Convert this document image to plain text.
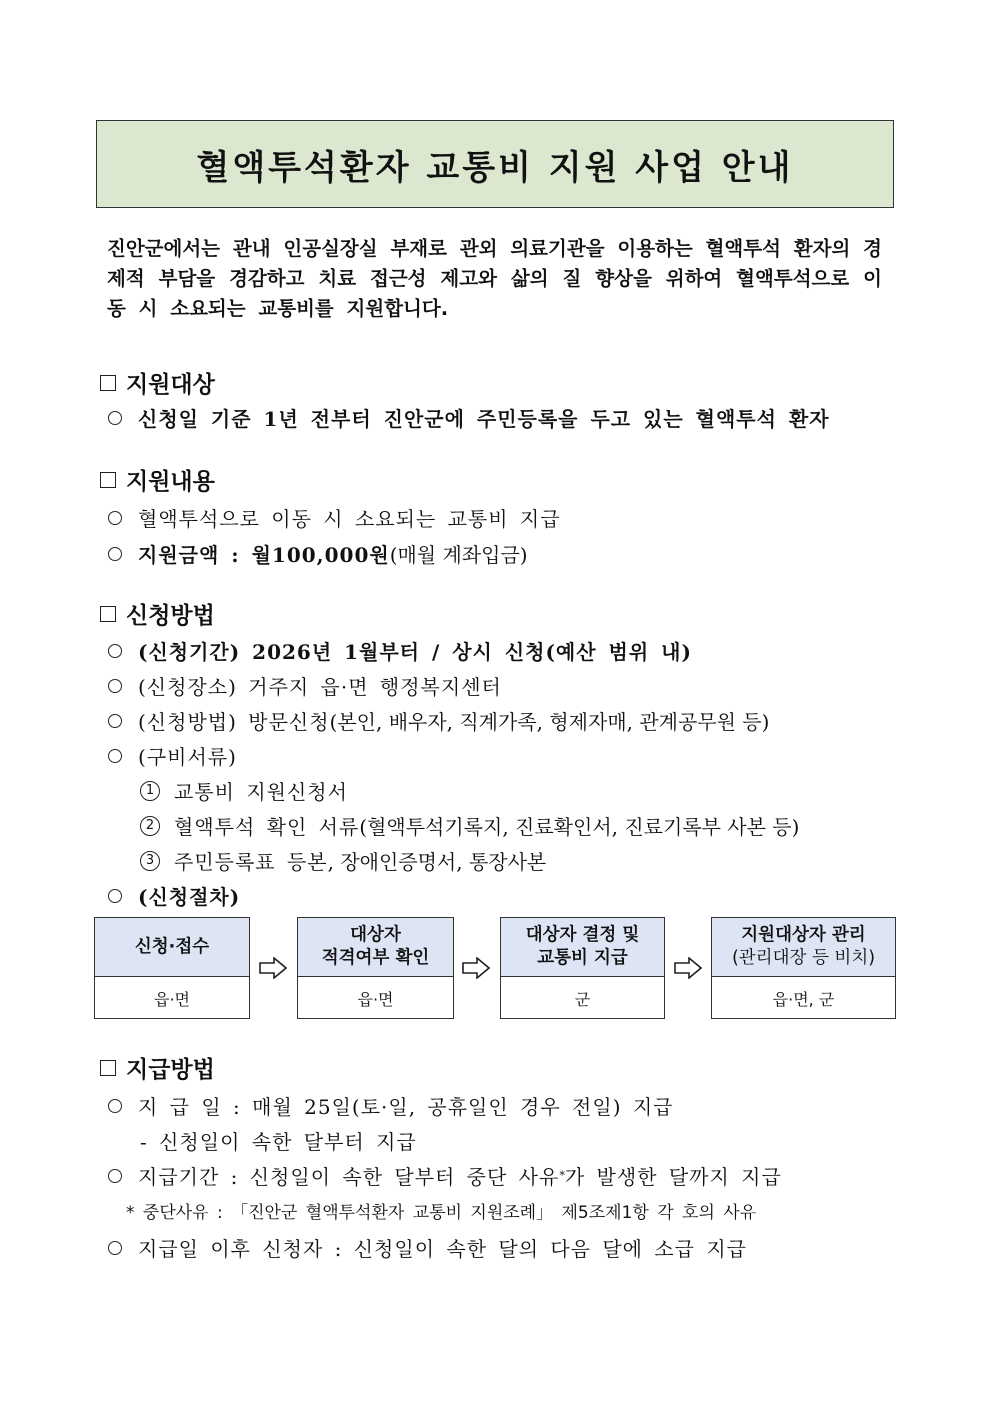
혈액투석환자 교통비 지원 사업 안내
진안군에서는 관내 인공실장실 부재로 관외 의료기관을 이용하는 혈액투석 환자의 경제적 부담을 경감하고 치료 접근성 제고와 삶의 질 향상을 위하여 혈액투석으로 이동 시 소요되는 교통비를 지원합니다.
지원대상
신청일 기준 1년 전부터 진안군에 주민등록을 두고 있는 혈액투석 환자
지원내용
혈액투석으로 이동 시 소요되는 교통비 지급
지원금액 : 월100,000원 (매월 계좌입금)
신청방법
(신청기간) 2026년 1월부터 / 상시 신청(예산 범위 내)
(신청장소) 거주지 읍·면 행정복지센터
(신청방법) 방문신청 (본인, 배우자, 직계가족, 형제자매, 관계공무원 등)
(구비서류)
1 교통비 지원신청서
2 혈액투석 확인 서류 (혈액투석기록지, 진료확인서, 진료기록부 사본 등)
3 주민등록표 등본 , 장애인증명서, 통장사본
(신청절차)
신청·접수
읍·면
대상자
적격여부 확인
읍·면
대상자 결정 및
교통비 지급
군
지원대상자 관리
(관리대장 등 비치)
읍·면, 군
지급방법
지 급 일 : 매월 25일(토·일, 공휴일인 경우 전일) 지급
- 신청일이 속한 달부터 지급
지급기간 : 신청일이 속한 달부터 중단 사유 * 가 발생한 달까지 지급
* 중단사유 : 「진안군 혈액투석환자 교통비 지원조례」 제5조제1항 각 호의 사유
지급일 이후 신청자 : 신청일이 속한 달의 다음 달에 소급 지급
